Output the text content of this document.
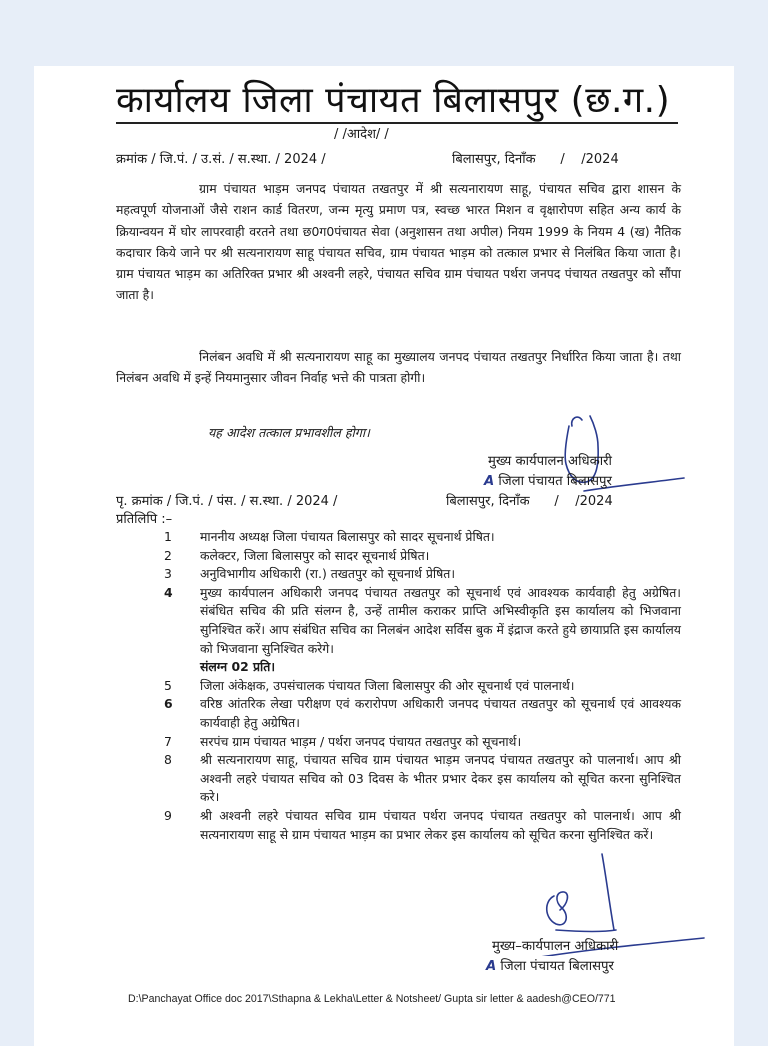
कार्यालय जिला पंचायत बिलासपुर (छ.ग.)
/ /आदेश/ /
क्रमांक / जि.पं. / उ.सं. / स.स्था. / 2024 /	बिलासपुर, दिनाँक      /    /2024
ग्राम पंचायत भाड़म जनपद पंचायत तखतपुर में श्री सत्यनारायण साहू, पंचायत सचिव द्वारा शासन के महत्वपूर्ण योजनाओं जैसे राशन कार्ड वितरण, जन्म मृत्यु प्रमाण पत्र, स्वच्छ भारत मिशन व वृक्षारोपण सहित अन्य कार्य के क्रियान्वयन में घोर लापरवाही वरतने तथा छ0ग0पंचायत सेवा (अनुशासन तथा अपील) नियम 1999 के नियम 4 (ख) नैतिक कदाचार किये जाने पर श्री सत्यनारायण साहू पंचायत सचिव, ग्राम पंचायत भाड़म को तत्काल प्रभार से निलंबित किया जाता है। ग्राम पंचायत भाड़म का अतिरिक्त प्रभार श्री अश्वनी लहरे, पंचायत सचिव ग्राम पंचायत पर्थरा जनपद पंचायत तखतपुर को सौंपा जाता है।
निलंबन अवधि में श्री सत्यनारायण साहू का मुख्यालय जनपद पंचायत तखतपुर निर्धारित किया जाता है। तथा निलंबन अवधि में इन्हें नियमानुसार जीवन निर्वाह भत्ते की पात्रता होगी।
यह आदेश तत्काल प्रभावशील होगा।
मुख्य कार्यपालन अधिकारी
A जिला पंचायत बिलासपुर
पृ. क्रमांक / जि.पं. / पंस. / स.स्था. / 2024 /	बिलासपुर, दिनाँक      /    /2024
प्रतिलिपि :–
1	माननीय अध्यक्ष जिला पंचायत बिलासपुर को सादर सूचनार्थ प्रेषित।
2	कलेक्टर, जिला बिलासपुर को सादर सूचनार्थ प्रेषित।
3	अनुविभागीय अधिकारी (रा.) तखतपुर को सूचनार्थ प्रेषित।
4	मुख्य कार्यपालन अधिकारी जनपद पंचायत तखतपुर को सूचनार्थ एवं आवश्यक कार्यवाही हेतु अग्रेषित। संबंधित सचिव की प्रति संलग्न है, उन्हें तामील कराकर प्राप्ति अभिस्वीकृति इस कार्यालय को भिजवाना सुनिश्चित करें। आप संबंधित सचिव का निलबंन आदेश सर्विस बुक में इंद्राज करते हुये छायाप्रति इस कार्यालय को भिजवाना सुनिश्चित करेगे।
संलग्न 02 प्रति।
5	जिला अंकेक्षक, उपसंचालक पंचायत जिला बिलासपुर की ओर सूचनार्थ एवं पालनार्थ।
6	वरिष्ठ आंतरिक लेखा परीक्षण एवं करारोपण अधिकारी जनपद पंचायत तखतपुर को सूचनार्थ एवं आवश्यक कार्यवाही हेतु अग्रेषित।
7	सरपंच ग्राम पंचायत भाड़म / पर्थरा जनपद पंचायत तखतपुर को सूचनार्थ।
8	श्री सत्यनारायण साहू, पंचायत सचिव ग्राम पंचायत भाड़म जनपद पंचायत तखतपुर को पालनार्थ। आप श्री अश्वनी लहरे पंचायत सचिव को 03 दिवस के भीतर प्रभार देकर इस कार्यालय को सूचित करना सुनिश्चित करे।
9	श्री अश्वनी लहरे पंचायत सचिव ग्राम पंचायत पर्थरा जनपद पंचायत तखतपुर को पालनार्थ। आप श्री सत्यनारायण साहू से ग्राम पंचायत भाड़म का प्रभार लेकर इस कार्यालय को सूचित करना सुनिश्चित करें।
मुख्य–कार्यपालन अधिकारी
A जिला पंचायत बिलासपुर
D:\Panchayat Office doc 2017\Sthapna & Lekha\Letter & Notsheet/ Gupta sir letter & aadesh@CEO/771
